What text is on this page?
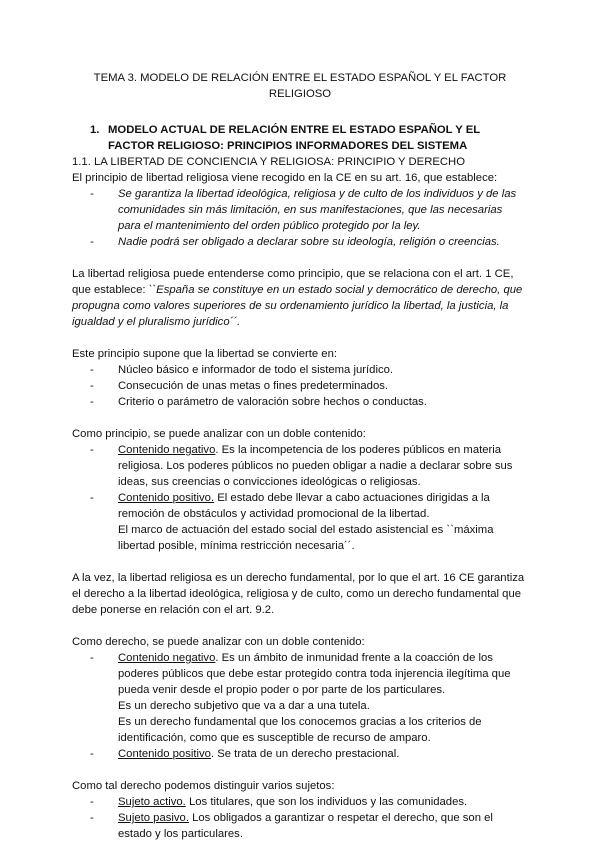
TEMA 3. MODELO DE RELACIÓN ENTRE EL ESTADO ESPAÑOL Y EL FACTOR RELIGIOSO
1. MODELO ACTUAL DE RELACIÓN ENTRE EL ESTADO ESPAÑOL Y EL FACTOR RELIGIOSO: PRINCIPIOS INFORMADORES DEL SISTEMA
1.1. LA LIBERTAD DE CONCIENCIA Y RELIGIOSA: PRINCIPIO Y DERECHO

El principio de libertad religiosa viene recogido en la CE en su art. 16, que establece:

- Se garantiza la libertad ideológica, religiosa y de culto de los individuos y de las comunidades sin más limitación, en sus manifestaciones, que las necesarias para el mantenimiento del orden público protegido por la ley.
- Nadie podrá ser obligado a declarar sobre su ideología, religión o creencias.

La libertad religiosa puede entenderse como principio, que se relaciona con el art. 1 CE, que establece: ``España se constituye en un estado social y democrático de derecho, que propugna como valores superiores de su ordenamiento jurídico la libertad, la justicia, la igualdad y el pluralismo jurídico´´.

Este principio supone que la libertad se convierte en:

- Núcleo básico e informador de todo el sistema jurídico.
- Consecución de unas metas o fines predeterminados.
- Criterio o parámetro de valoración sobre hechos o conductas.

Como principio, se puede analizar con un doble contenido:

- Contenido negativo. Es la incompetencia de los poderes públicos en materia religiosa. Los poderes públicos no pueden obligar a nadie a declarar sobre sus ideas, sus creencias o convicciones ideológicas o religiosas.
- Contenido positivo. El estado debe llevar a cabo actuaciones dirigidas a la remoción de obstáculos y actividad promocional de la libertad.
El marco de actuación del estado social del estado asistencial es ``máxima libertad posible, mínima restricción necesaria´´.

A la vez, la libertad religiosa es un derecho fundamental, por lo que el art. 16 CE garantiza el derecho a la libertad ideológica, religiosa y de culto, como un derecho fundamental que debe ponerse en relación con el art. 9.2.

Como derecho, se puede analizar con un doble contenido:

- Contenido negativo. Es un ámbito de inmunidad frente a la coacción de los poderes públicos que debe estar protegido contra toda injerencia ilegítima que pueda venir desde el propio poder o por parte de los particulares.
Es un derecho subjetivo que va a dar a una tutela.
Es un derecho fundamental que los conocemos gracias a los criterios de identificación, como que es susceptible de recurso de amparo.
- Contenido positivo. Se trata de un derecho prestacional.

Como tal derecho podemos distinguir varios sujetos:

- Sujeto activo. Los titulares, que son los individuos y las comunidades.
- Sujeto pasivo. Los obligados a garantizar o respetar el derecho, que son el estado y los particulares.
